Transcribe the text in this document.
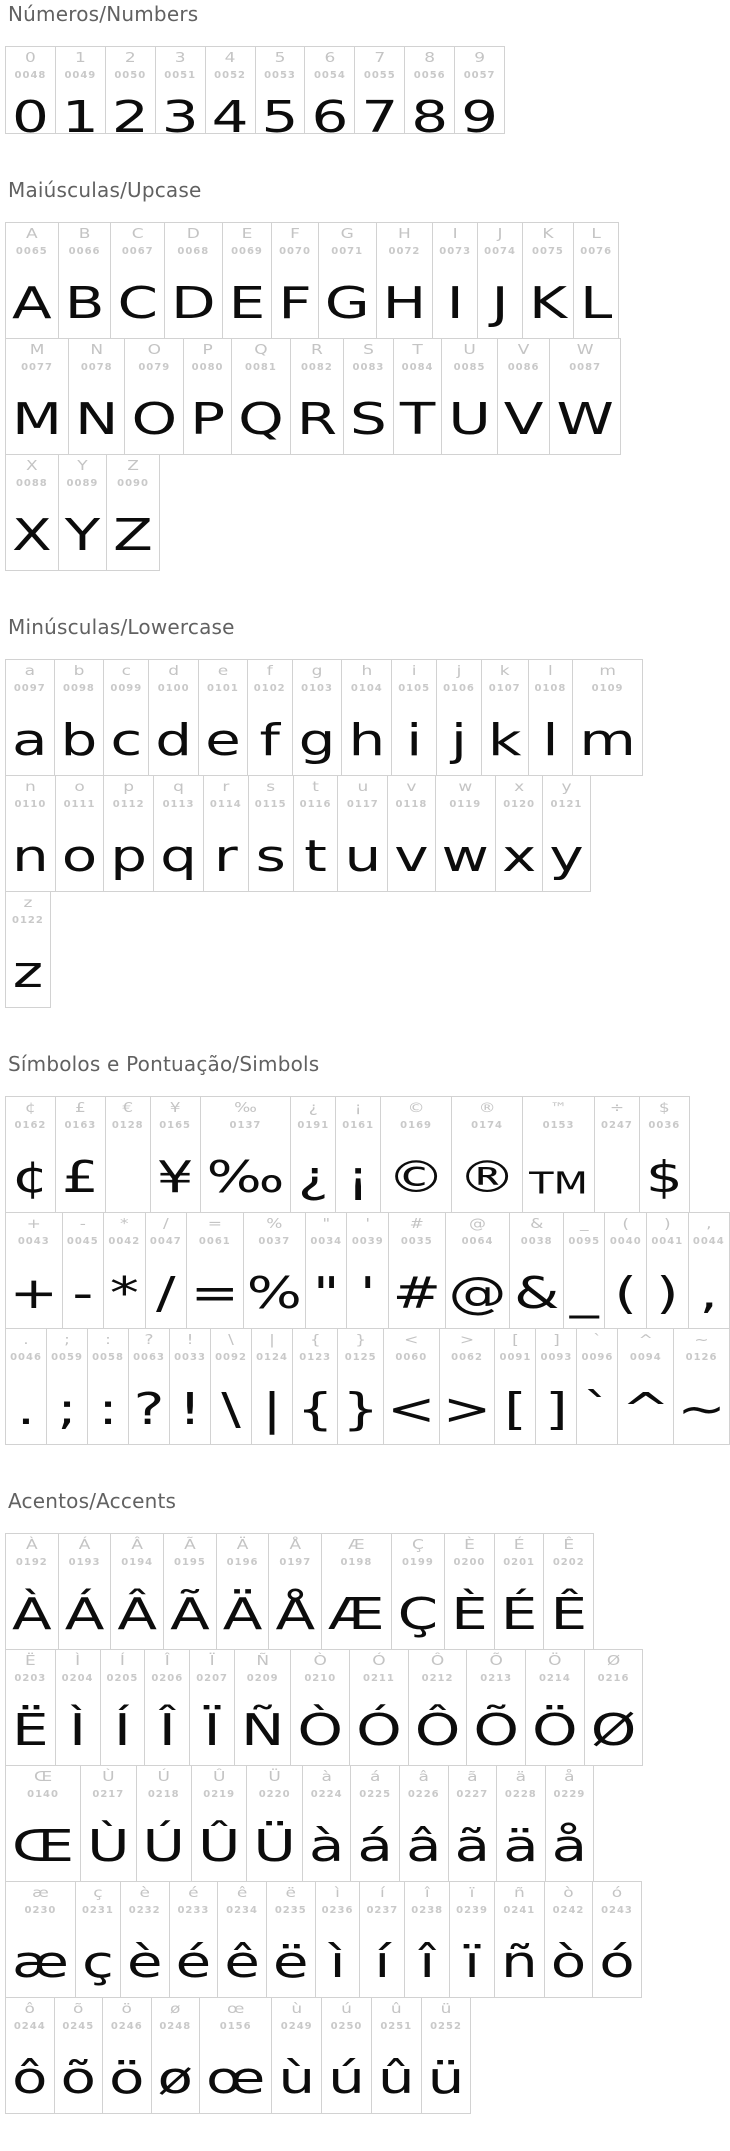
Números/Numbers
0
0048
0
1
0049
1
2
0050
2
3
0051
3
4
0052
4
5
0053
5
6
0054
6
7
0055
7
8
0056
8
9
0057
9
Maiúsculas/Upcase
A
0065
A
B
0066
B
C
0067
C
D
0068
D
E
0069
E
F
0070
F
G
0071
G
H
0072
H
I
0073
I
J
0074
J
K
0075
K
L
0076
L
M
0077
M
N
0078
N
O
0079
O
P
0080
P
Q
0081
Q
R
0082
R
S
0083
S
T
0084
T
U
0085
U
V
0086
V
W
0087
W
X
0088
X
Y
0089
Y
Z
0090
Z
Minúsculas/Lowercase
a
0097
a
b
0098
b
c
0099
c
d
0100
d
e
0101
e
f
0102
f
g
0103
g
h
0104
h
i
0105
i
j
0106
j
k
0107
k
l
0108
l
m
0109
m
n
0110
n
o
0111
o
p
0112
p
q
0113
q
r
0114
r
s
0115
s
t
0116
t
u
0117
u
v
0118
v
w
0119
w
x
0120
x
y
0121
y
z
0122
z
Símbolos e Pontuação/Simbols
¢
0162
¢
£
0163
£
€
0128
¥
0165
¥
‰
0137
‰
¿
0191
¿
¡
0161
¡
©
0169
©
®
0174
®
™
0153
TM
÷
0247
$
0036
$
+
0043
+
-
0045
-
*
0042
*
/
0047
/
=
0061
=
%
0037
%
"
0034
"
'
0039
'
#
0035
#
@
0064
@
&
0038
&
_
0095
_
(
0040
(
)
0041
)
,
0044
,
.
0046
.
;
0059
;
:
0058
:
?
0063
?
!
0033
!
\
0092
\
|
0124
|
{
0123
{
}
0125
}
<
0060
<
>
0062
>
[
0091
[
]
0093
]
`
0096
`
^
0094
^
~
0126
~
Acentos/Accents
À
0192
À
Á
0193
Á
Â
0194
Â
Ã
0195
Ã
Ä
0196
Ä
Å
0197
Å
Æ
0198
Æ
Ç
0199
Ç
È
0200
È
É
0201
É
Ê
0202
Ê
Ë
0203
Ë
Ì
0204
Ì
Í
0205
Í
Î
0206
Î
Ï
0207
Ï
Ñ
0209
Ñ
Ò
0210
Ò
Ó
0211
Ó
Ô
0212
Ô
Õ
0213
Õ
Ö
0214
Ö
Ø
0216
Ø
Œ
0140
Œ
Ù
0217
Ù
Ú
0218
Ú
Û
0219
Û
Ü
0220
Ü
à
0224
à
á
0225
á
â
0226
â
ã
0227
ã
ä
0228
ä
å
0229
å
æ
0230
æ
ç
0231
ç
è
0232
è
é
0233
é
ê
0234
ê
ë
0235
ë
ì
0236
ì
í
0237
í
î
0238
î
ï
0239
ï
ñ
0241
ñ
ò
0242
ò
ó
0243
ó
ô
0244
ô
õ
0245
õ
ö
0246
ö
ø
0248
ø
œ
0156
œ
ù
0249
ù
ú
0250
ú
û
0251
û
ü
0252
ü
